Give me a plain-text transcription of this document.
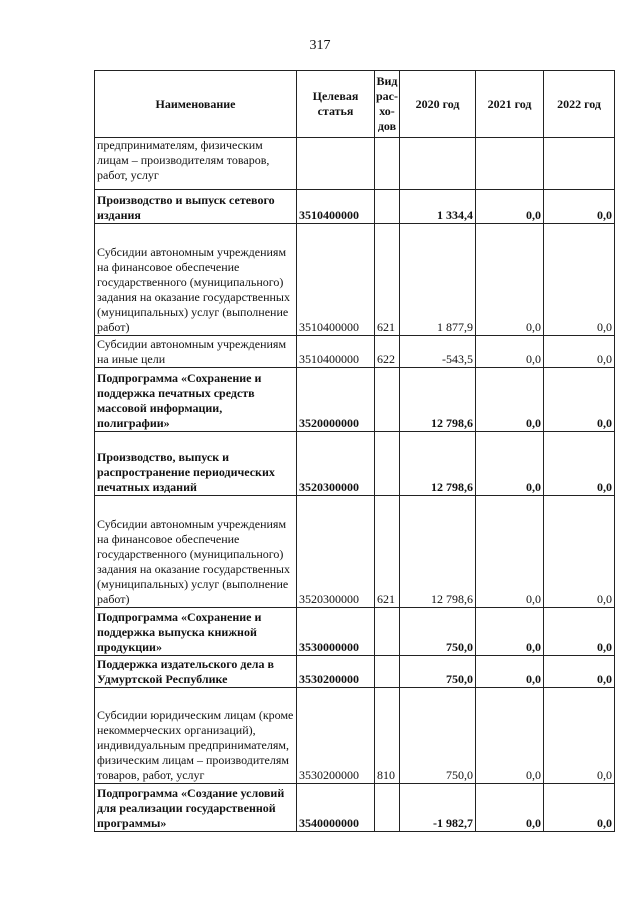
317
Наименование	Целевая статья	Вид рас-хо-дов	2020 год	2021 год	2022 год
предпринимателям, физическим лицам – производителям товаров, работ, услуг					
Производство и выпуск сетевого издания	3510400000		1 334,4	0,0	0,0
Субсидии автономным учреждениям на финансовое обеспечение государственного (муниципального) задания на оказание государственных (муниципальных) услуг (выполнение работ)	3510400000	621	1 877,9	0,0	0,0
Субсидии автономным учреждениям на иные цели	3510400000	622	-543,5	0,0	0,0
Подпрограмма «Сохранение и поддержка печатных средств массовой информации, полиграфии»	3520000000		12 798,6	0,0	0,0
Производство, выпуск и распространение периодических печатных изданий	3520300000		12 798,6	0,0	0,0
Субсидии автономным учреждениям на финансовое обеспечение государственного (муниципального) задания на оказание государственных (муниципальных) услуг (выполнение работ)	3520300000	621	12 798,6	0,0	0,0
Подпрограмма «Сохранение и поддержка выпуска книжной продукции»	3530000000		750,0	0,0	0,0
Поддержка издательского дела в Удмуртской Республике	3530200000		750,0	0,0	0,0
Субсидии юридическим лицам (кроме некоммерческих организаций), индивидуальным предпринимателям, физическим лицам – производителям товаров, работ, услуг	3530200000	810	750,0	0,0	0,0
Подпрограмма «Создание условий для реализации государственной программы»	3540000000		-1 982,7	0,0	0,0
